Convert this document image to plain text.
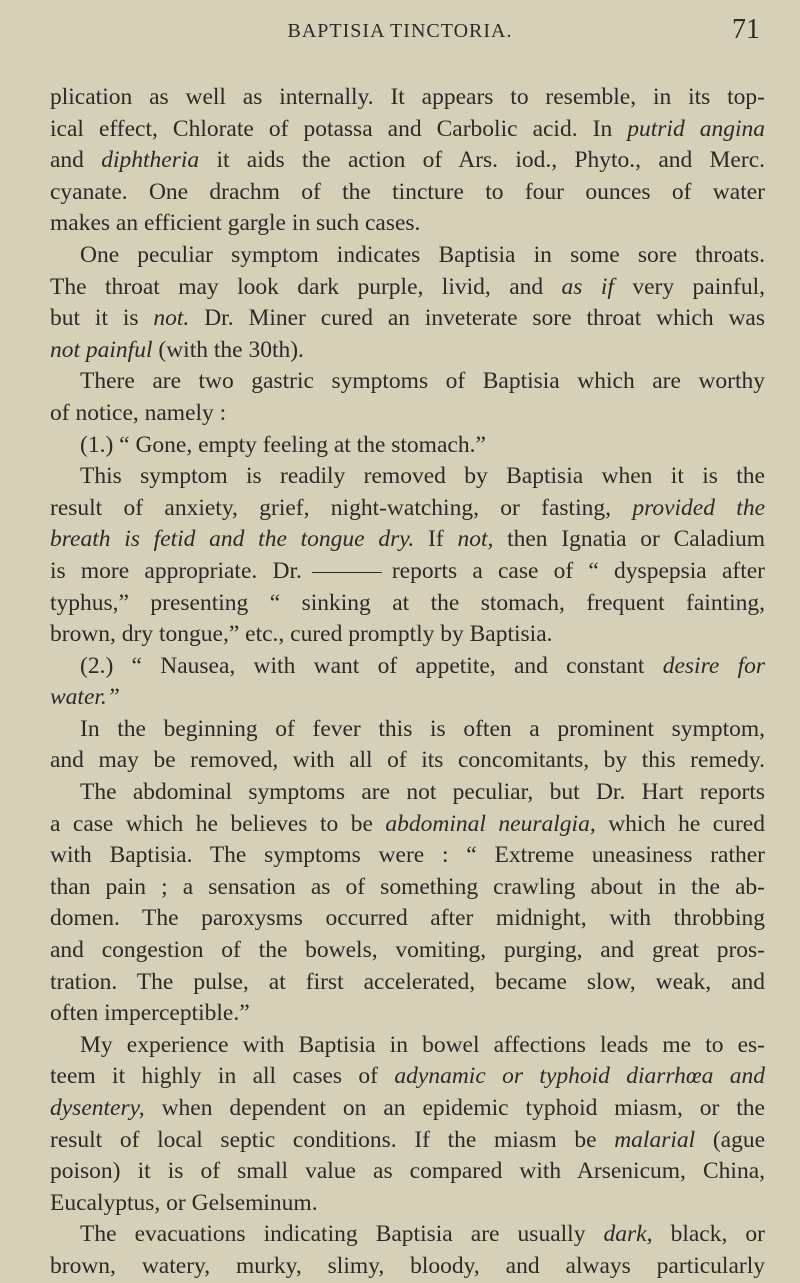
BAPTISIA TINCTORIA.	71
plication as well as internally. It appears to resemble, in its top-
ical effect, Chlorate of potassa and Carbolic acid. In putrid angina
and diphtheria it aids the action of Ars. iod., Phyto., and Merc.
cyanate. One drachm of the tincture to four ounces of water
makes an efficient gargle in such cases.
One peculiar symptom indicates Baptisia in some sore throats.
The throat may look dark purple, livid, and as if very painful,
but it is not. Dr. Miner cured an inveterate sore throat which was
not painful (with the 30th).
There are two gastric symptoms of Baptisia which are worthy
of notice, namely :
(1.) “ Gone, empty feeling at the stomach.”
This symptom is readily removed by Baptisia when it is the
result of anxiety, grief, night-watching, or fasting, provided the
breath is fetid and the tongue dry. If not, then Ignatia or Caladium
is more appropriate. Dr.	reports a case of “ dyspepsia after
typhus,” presenting “ sinking at the stomach, frequent fainting,
brown, dry tongue,” etc., cured promptly by Baptisia.
(2.) “ Nausea, with want of appetite, and constant desire for
water.”
In the beginning of fever this is often a prominent symptom,
and may be removed, with all of its concomitants, by this remedy.
The abdominal symptoms are not peculiar, but Dr. Hart reports
a case which he believes to be abdominal neuralgia, which he cured
with Baptisia. The symptoms were : “ Extreme uneasiness rather
than pain ; a sensation as of something crawling about in the ab-
domen. The paroxysms occurred after midnight, with throbbing
and congestion of the bowels, vomiting, purging, and great pros-
tration. The pulse, at first accelerated, became slow, weak, and
often imperceptible.”
My experience with Baptisia in bowel affections leads me to es-
teem it highly in all cases of adynamic or typhoid diarrhœa and
dysentery, when dependent on an epidemic typhoid miasm, or the
result of local septic conditions. If the miasm be malarial (ague
poison) it is of small value as compared with Arsenicum, China,
Eucalyptus, or Gelseminum.
The evacuations indicating Baptisia are usually dark, black, or
brown, watery, murky, slimy, bloody, and always particularly
